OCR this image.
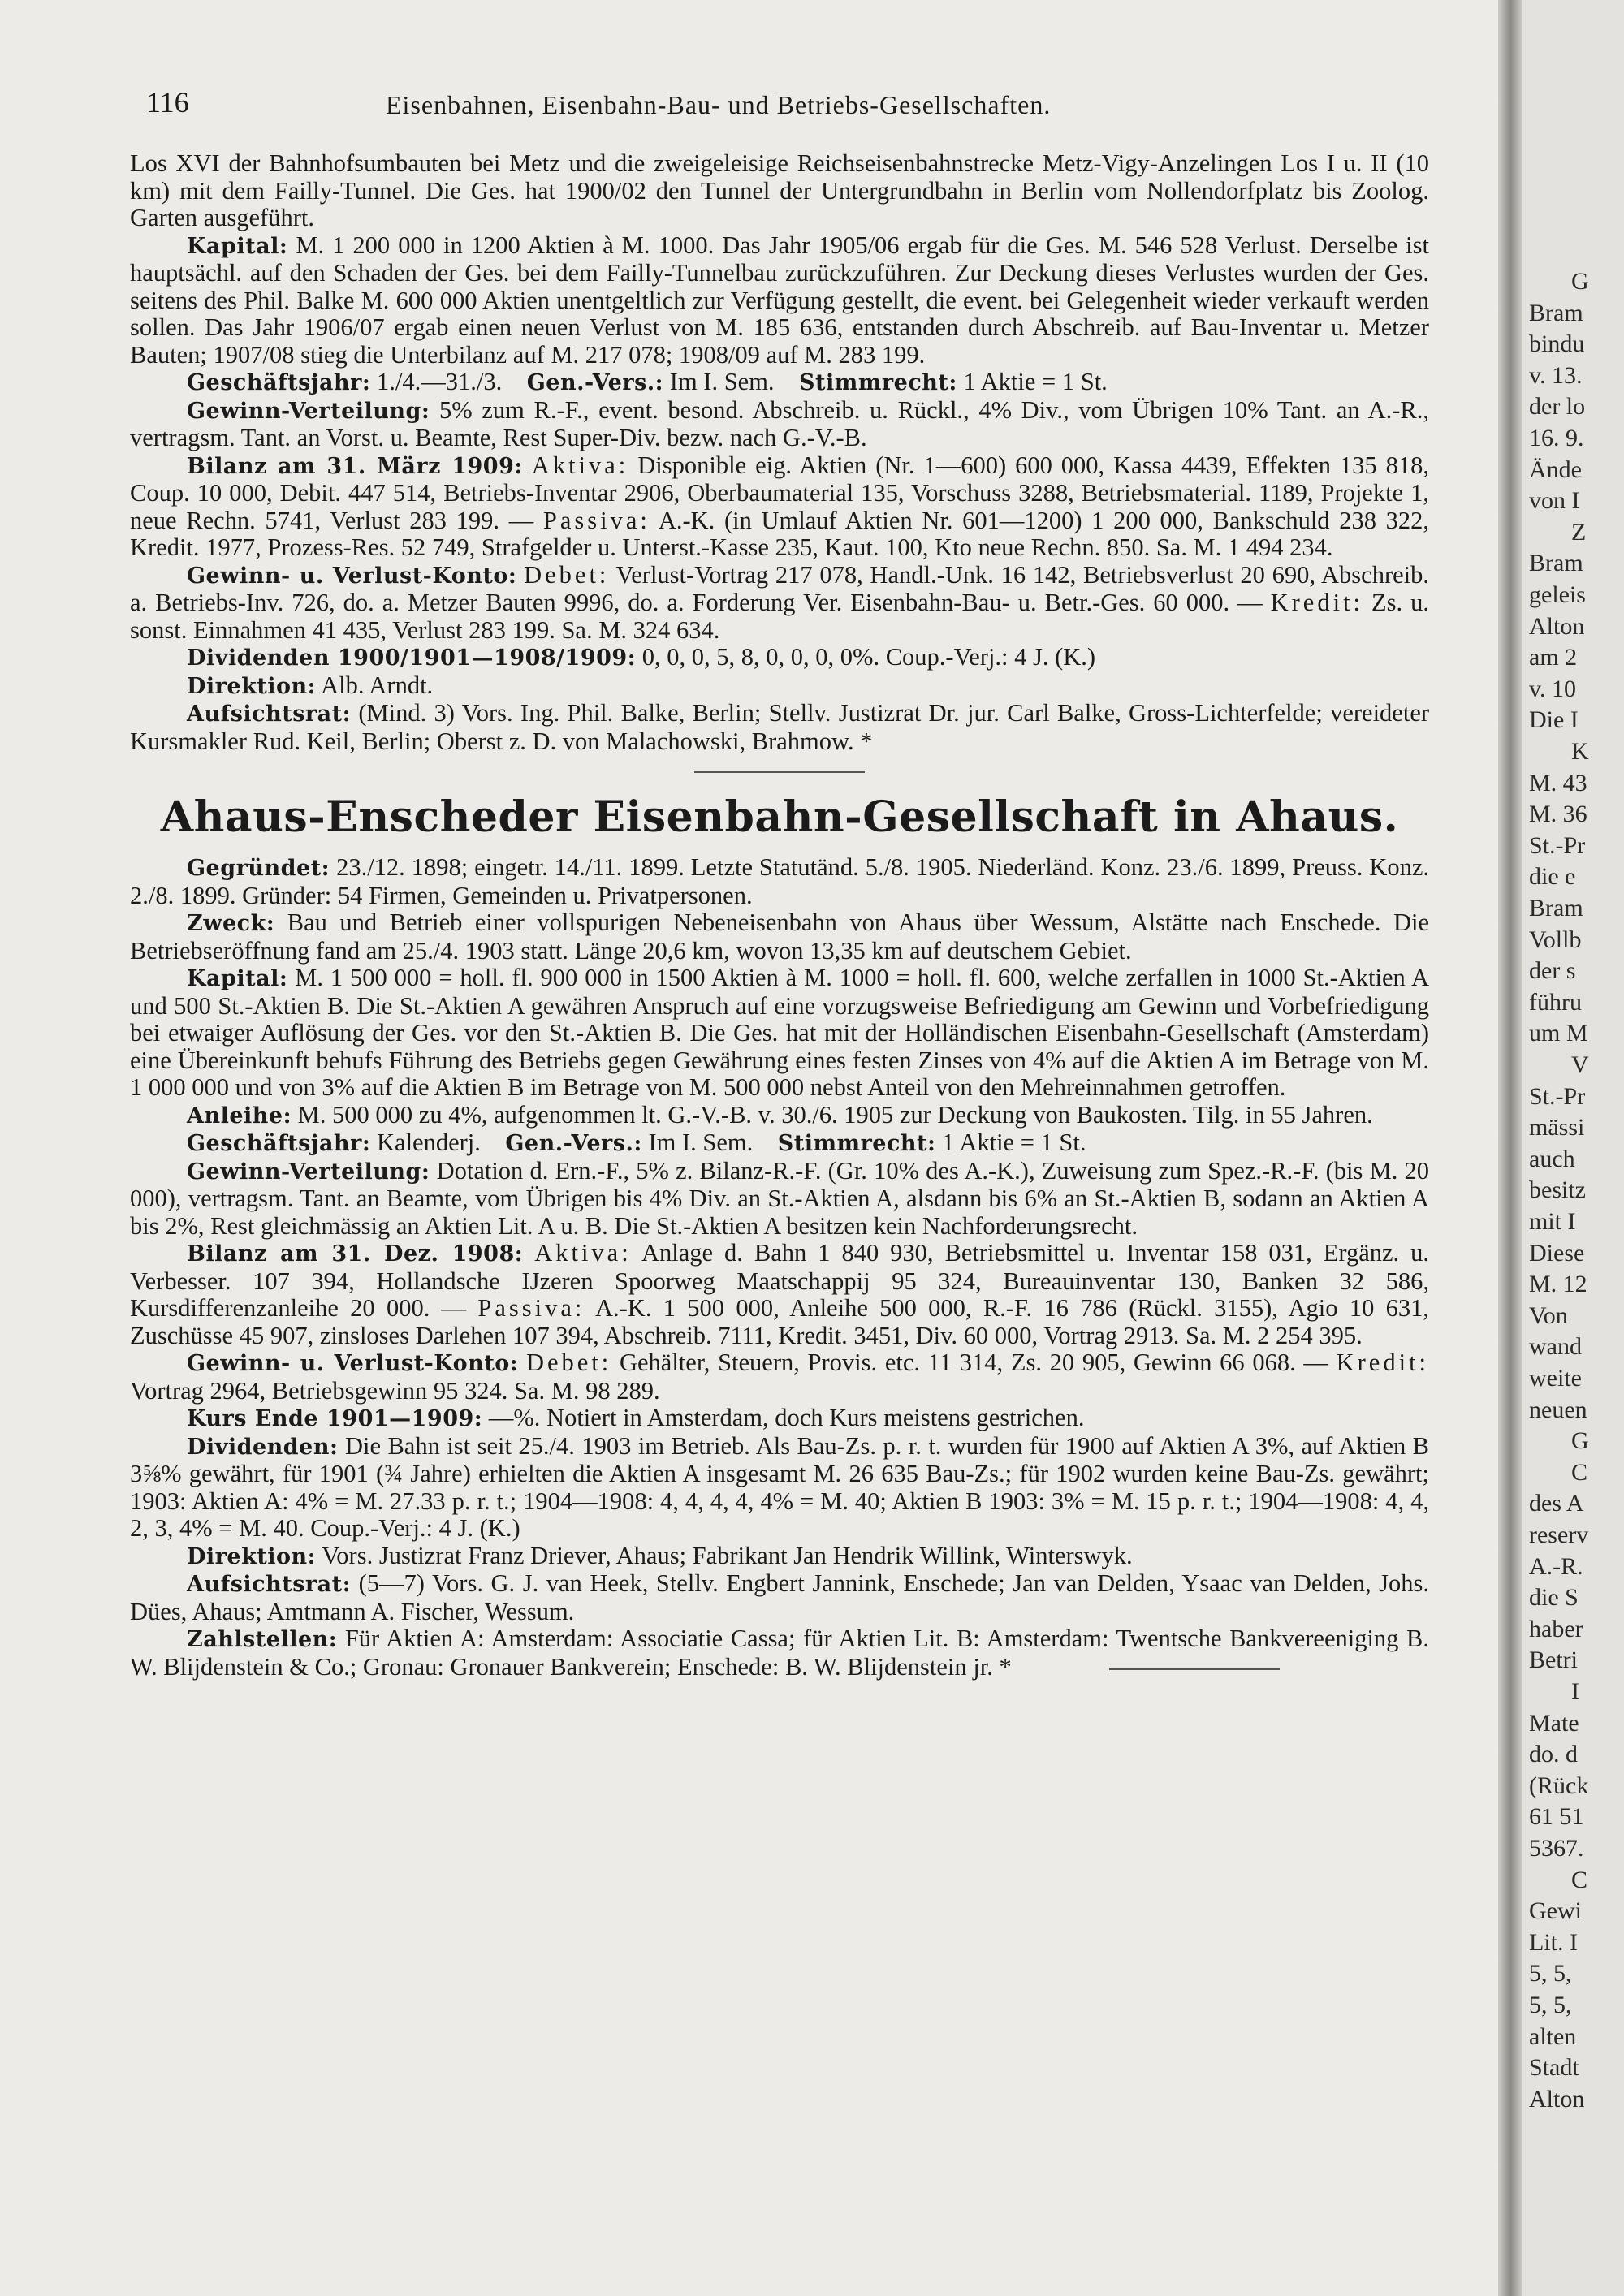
116	Eisenbahnen, Eisenbahn-Bau- und Betriebs-Gesellschaften.

Los XVI der Bahnhofsumbauten bei Metz und die zweigeleisige Reichseisenbahnstrecke Metz-Vigy-Anzelingen Los I u. II (10 km) mit dem Failly-Tunnel. Die Ges. hat 1900/02 den Tunnel der Untergrundbahn in Berlin vom Nollendorfplatz bis Zoolog. Garten ausgeführt.

Kapital: M. 1 200 000 in 1200 Aktien à M. 1000. Das Jahr 1905/06 ergab für die Ges. M. 546 528 Verlust. Derselbe ist hauptsächl. auf den Schaden der Ges. bei dem Failly-Tunnelbau zurückzuführen. Zur Deckung dieses Verlustes wurden der Ges. seitens des Phil. Balke M. 600 000 Aktien unentgeltlich zur Verfügung gestellt, die event. bei Gelegenheit wieder verkauft werden sollen. Das Jahr 1906/07 ergab einen neuen Verlust von M. 185 636, entstanden durch Abschreib. auf Bau-Inventar u. Metzer Bauten; 1907/08 stieg die Unterbilanz auf M. 217 078; 1908/09 auf M. 283 199.

Geschäftsjahr: 1./4.—31./3. Gen.-Vers.: Im I. Sem. Stimmrecht: 1 Aktie = 1 St.

Gewinn-Verteilung: 5% zum R.-F., event. besond. Abschreib. u. Rückl., 4% Div., vom Übrigen 10% Tant. an A.-R., vertragsm. Tant. an Vorst. u. Beamte, Rest Super-Div. bezw. nach G.-V.-B.

Bilanz am 31. März 1909: Aktiva: Disponible eig. Aktien (Nr. 1—600) 600 000, Kassa 4439, Effekten 135 818, Coup. 10 000, Debit. 447 514, Betriebs-Inventar 2906, Oberbaumaterial 135, Vorschuss 3288, Betriebsmaterial. 1189, Projekte 1, neue Rechn. 5741, Verlust 283 199. — Passiva: A.-K. (in Umlauf Aktien Nr. 601—1200) 1 200 000, Bankschuld 238 322, Kredit. 1977, Prozess-Res. 52 749, Strafgelder u. Unterst.-Kasse 235, Kaut. 100, Kto neue Rechn. 850. Sa. M. 1 494 234.

Gewinn- u. Verlust-Konto: Debet: Verlust-Vortrag 217 078, Handl.-Unk. 16 142, Betriebsverlust 20 690, Abschreib. a. Betriebs-Inv. 726, do. a. Metzer Bauten 9996, do. a. Forderung Ver. Eisenbahn-Bau- u. Betr.-Ges. 60 000. — Kredit: Zs. u. sonst. Einnahmen 41 435, Verlust 283 199. Sa. M. 324 634.

Dividenden 1900/1901—1908/1909: 0, 0, 0, 5, 8, 0, 0, 0, 0%. Coup.-Verj.: 4 J. (K.)

Direktion: Alb. Arndt.

Aufsichtsrat: (Mind. 3) Vors. Ing. Phil. Balke, Berlin; Stellv. Justizrat Dr. jur. Carl Balke, Gross-Lichterfelde; vereideter Kursmakler Rud. Keil, Berlin; Oberst z. D. von Malachowski, Brahmow. *

Ahaus-Enscheder Eisenbahn-Gesellschaft in Ahaus.

Gegründet: 23./12. 1898; eingetr. 14./11. 1899. Letzte Statutänd. 5./8. 1905. Niederländ. Konz. 23./6. 1899, Preuss. Konz. 2./8. 1899. Gründer: 54 Firmen, Gemeinden u. Privatpersonen.

Zweck: Bau und Betrieb einer vollspurigen Nebeneisenbahn von Ahaus über Wessum, Alstätte nach Enschede. Die Betriebseröffnung fand am 25./4. 1903 statt. Länge 20,6 km, wovon 13,35 km auf deutschem Gebiet.

Kapital: M. 1 500 000 = holl. fl. 900 000 in 1500 Aktien à M. 1000 = holl. fl. 600, welche zerfallen in 1000 St.-Aktien A und 500 St.-Aktien B. Die St.-Aktien A gewähren Anspruch auf eine vorzugsweise Befriedigung am Gewinn und Vorbefriedigung bei etwaiger Auflösung der Ges. vor den St.-Aktien B. Die Ges. hat mit der Holländischen Eisenbahn-Gesellschaft (Amsterdam) eine Übereinkunft behufs Führung des Betriebs gegen Gewährung eines festen Zinses von 4% auf die Aktien A im Betrage von M. 1 000 000 und von 3% auf die Aktien B im Betrage von M. 500 000 nebst Anteil von den Mehreinnahmen getroffen.

Anleihe: M. 500 000 zu 4%, aufgenommen lt. G.-V.-B. v. 30./6. 1905 zur Deckung von Baukosten. Tilg. in 55 Jahren.

Geschäftsjahr: Kalenderj. Gen.-Vers.: Im I. Sem. Stimmrecht: 1 Aktie = 1 St.

Gewinn-Verteilung: Dotation d. Ern.-F., 5% z. Bilanz-R.-F. (Gr. 10% des A.-K.), Zuweisung zum Spez.-R.-F. (bis M. 20 000), vertragsm. Tant. an Beamte, vom Übrigen bis 4% Div. an St.-Aktien A, alsdann bis 6% an St.-Aktien B, sodann an Aktien A bis 2%, Rest gleichmässig an Aktien Lit. A u. B. Die St.-Aktien A besitzen kein Nachforderungsrecht.

Bilanz am 31. Dez. 1908: Aktiva: Anlage d. Bahn 1 840 930, Betriebsmittel u. Inventar 158 031, Ergänz. u. Verbesser. 107 394, Hollandsche IJzeren Spoorweg Maatschappij 95 324, Bureauinventar 130, Banken 32 586, Kursdifferenzanleihe 20 000. — Passiva: A.-K. 1 500 000, Anleihe 500 000, R.-F. 16 786 (Rückl. 3155), Agio 10 631, Zuschüsse 45 907, zinsloses Darlehen 107 394, Abschreib. 7111, Kredit. 3451, Div. 60 000, Vortrag 2913. Sa. M. 2 254 395.

Gewinn- u. Verlust-Konto: Debet: Gehälter, Steuern, Provis. etc. 11 314, Zs. 20 905, Gewinn 66 068. — Kredit: Vortrag 2964, Betriebsgewinn 95 324. Sa. M. 98 289.

Kurs Ende 1901—1909: —%. Notiert in Amsterdam, doch Kurs meistens gestrichen.

Dividenden: Die Bahn ist seit 25./4. 1903 im Betrieb. Als Bau-Zs. p. r. t. wurden für 1900 auf Aktien A 3%, auf Aktien B 3⅝% gewährt, für 1901 (¾ Jahre) erhielten die Aktien A insgesamt M. 26 635 Bau-Zs.; für 1902 wurden keine Bau-Zs. gewährt; 1903: Aktien A: 4% = M. 27.33 p. r. t.; 1904—1908: 4, 4, 4, 4, 4% = M. 40; Aktien B 1903: 3% = M. 15 p. r. t.; 1904—1908: 4, 4, 2, 3, 4% = M. 40. Coup.-Verj.: 4 J. (K.)

Direktion: Vors. Justizrat Franz Driever, Ahaus; Fabrikant Jan Hendrik Willink, Winterswyk.

Aufsichtsrat: (5—7) Vors. G. J. van Heek, Stellv. Engbert Jannink, Enschede; Jan van Delden, Ysaac van Delden, Johs. Dües, Ahaus; Amtmann A. Fischer, Wessum.

Zahlstellen: Für Aktien A: Amsterdam: Associatie Cassa; für Aktien Lit. B: Amsterdam: Twentsche Bankvereeniging B. W. Blijdenstein & Co.; Gronau: Gronauer Bankverein; Enschede: B. W. Blijdenstein jr. *

G
Bram
bindu
v. 13.
der lo
16. 9.
Ände
von I
Z
Bram
geleis
Alton
am 2
v. 10
Die I
K
M. 43
M. 36
St.-Pr
die e
Bram
Vollb
der s
führu
um M
V
St.-Pr
mässi
auch
besitz
mit I
Diese
M. 12
Von
wand
weite
neuen
G
C
des A
reserv
A.-R.
die S
haber
Betri
I
Mate
do. d
(Rück
61 51
5367.
C
Gewi
Lit. I
5, 5,
5, 5,
alten
Stadt
Alton
